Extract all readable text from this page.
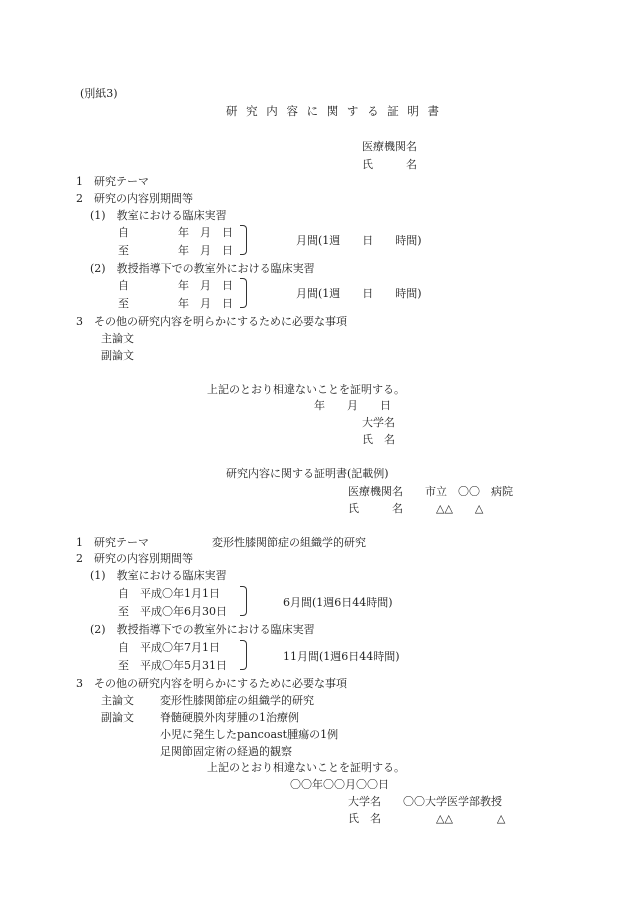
(別紙3)
研 究 内 容 に 関 す る 証 明 書
医療機関名
氏　　　名
1　研究テーマ
2　研究の内容別期間等
(1)　教室における臨床実習
自	年　月　日
至	年　月　日
月間(1週　　日　　時間)
(2)　教授指導下での教室外における臨床実習
自	年　月　日
至	年　月　日
月間(1週　　日　　時間)
3　その他の研究内容を明らかにするために必要な事項
主論文
副論文
上記のとおり相違ないことを証明する。
年　　月　　日
大学名
氏　名
研究内容に関する証明書(記載例)
医療機関名　　市立　〇〇　病院
氏　　　名　　　△△　　△
1　研究テーマ	変形性膝関節症の組織学的研究
2　研究の内容別期間等
(1)　教室における臨床実習
自　平成〇年1月1日
至　平成〇年6月30日
6月間(1週6日44時間)
(2)　教授指導下での教室外における臨床実習
自　平成〇年7月1日
至　平成〇年5月31日
11月間(1週6日44時間)
3　その他の研究内容を明らかにするために必要な事項
主論文 変形性膝関節症の組織学的研究
副論文 脊髄硬膜外肉芽腫の1治療例
小児に発生したpancoast腫瘍の1例
足関節固定術の経過的観察
上記のとおり相違ないことを証明する。
〇〇年〇〇月〇〇日
大学名　　〇〇大学医学部教授
氏　名　　　　　△△　　　　△
